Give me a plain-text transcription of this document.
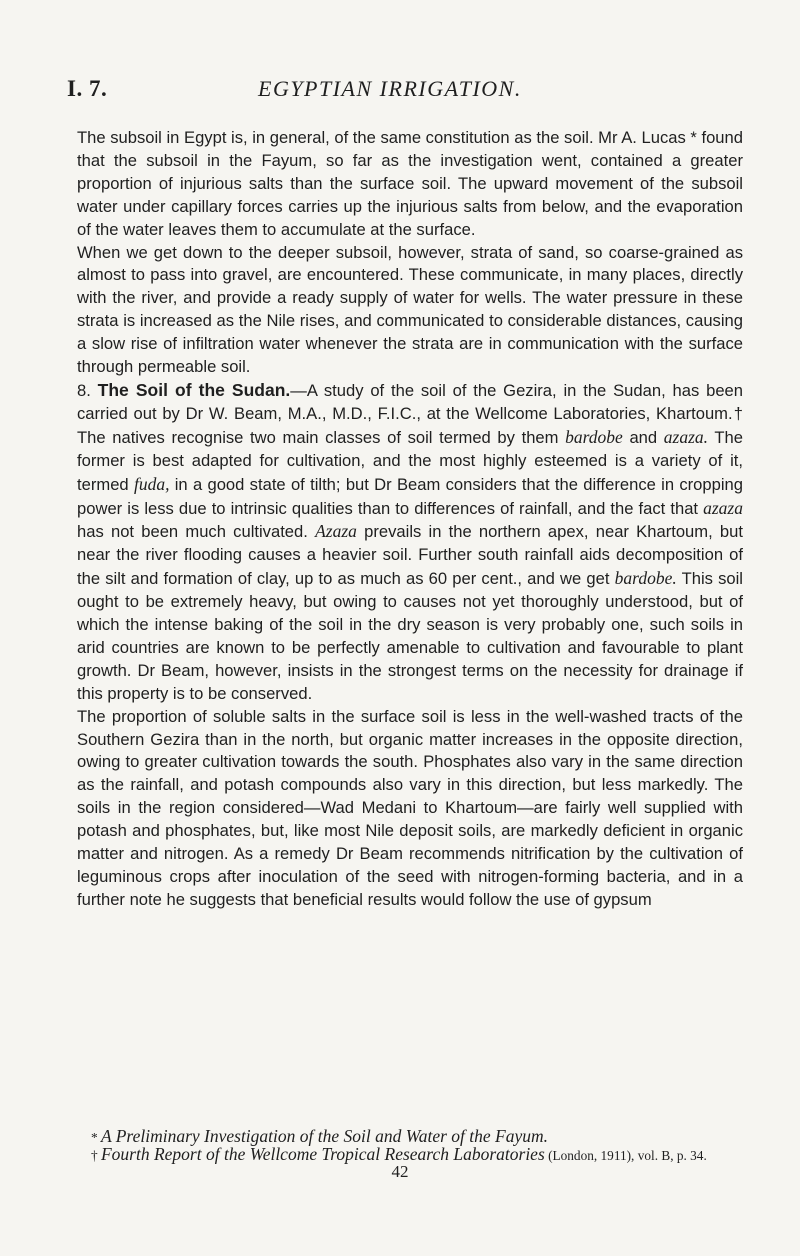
I. 7.	EGYPTIAN IRRIGATION.

The subsoil in Egypt is, in general, of the same constitution as the soil. Mr A. Lucas * found that the subsoil in the Fayum, so far as the investigation went, contained a greater proportion of injurious salts than the surface soil. The upward movement of the subsoil water under capillary forces carries up the injurious salts from below, and the evaporation of the water leaves them to accumulate at the surface.

When we get down to the deeper subsoil, however, strata of sand, so coarse-grained as almost to pass into gravel, are encountered. These communicate, in many places, directly with the river, and provide a ready supply of water for wells. The water pressure in these strata is increased as the Nile rises, and communicated to considerable distances, causing a slow rise of infiltration water whenever the strata are in communication with the surface through permeable soil.

8. The Soil of the Sudan.—A study of the soil of the Gezira, in the Sudan, has been carried out by Dr W. Beam, M.A., M.D., F.I.C., at the Wellcome Laboratories, Khartoum.† The natives recognise two main classes of soil termed by them bardobe and azaza. The former is best adapted for cultivation, and the most highly esteemed is a variety of it, termed fuda, in a good state of tilth; but Dr Beam considers that the difference in cropping power is less due to intrinsic qualities than to differences of rainfall, and the fact that azaza has not been much cultivated. Azaza prevails in the northern apex, near Khartoum, but near the river flooding causes a heavier soil. Further south rainfall aids decomposition of the silt and formation of clay, up to as much as 60 per cent., and we get bardobe. This soil ought to be extremely heavy, but owing to causes not yet thoroughly understood, but of which the intense baking of the soil in the dry season is very probably one, such soils in arid countries are known to be perfectly amenable to cultivation and favourable to plant growth. Dr Beam, however, insists in the strongest terms on the necessity for drainage if this property is to be conserved.

The proportion of soluble salts in the surface soil is less in the well-washed tracts of the Southern Gezira than in the north, but organic matter increases in the opposite direction, owing to greater cultivation towards the south. Phosphates also vary in the same direction as the rainfall, and potash compounds also vary in this direction, but less markedly. The soils in the region considered—Wad Medani to Khartoum—are fairly well supplied with potash and phosphates, but, like most Nile deposit soils, are markedly deficient in organic matter and nitrogen. As a remedy Dr Beam recommends nitrification by the cultivation of leguminous crops after inoculation of the seed with nitrogen-forming bacteria, and in a further note he suggests that beneficial results would follow the use of gypsum

* A Preliminary Investigation of the Soil and Water of the Fayum.

† Fourth Report of the Wellcome Tropical Research Laboratories (London, 1911), vol. B, p. 34.

42
